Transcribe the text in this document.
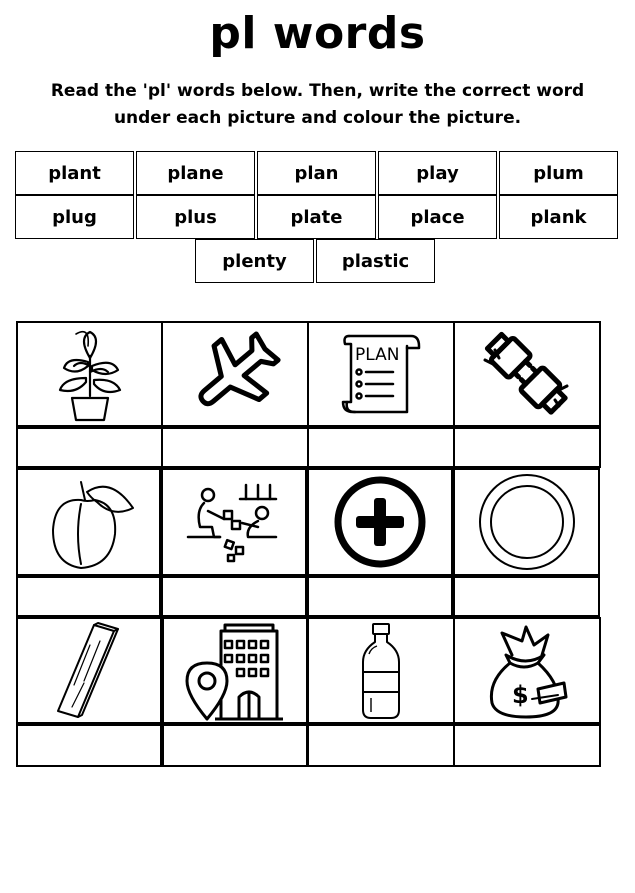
pl words
Read the 'pl' words below. Then, write the correct word
under each picture and colour the picture.
plant	plane	plan	play	plum
plug	plus	plate	place	plank
plenty	plastic
PLAN
$
